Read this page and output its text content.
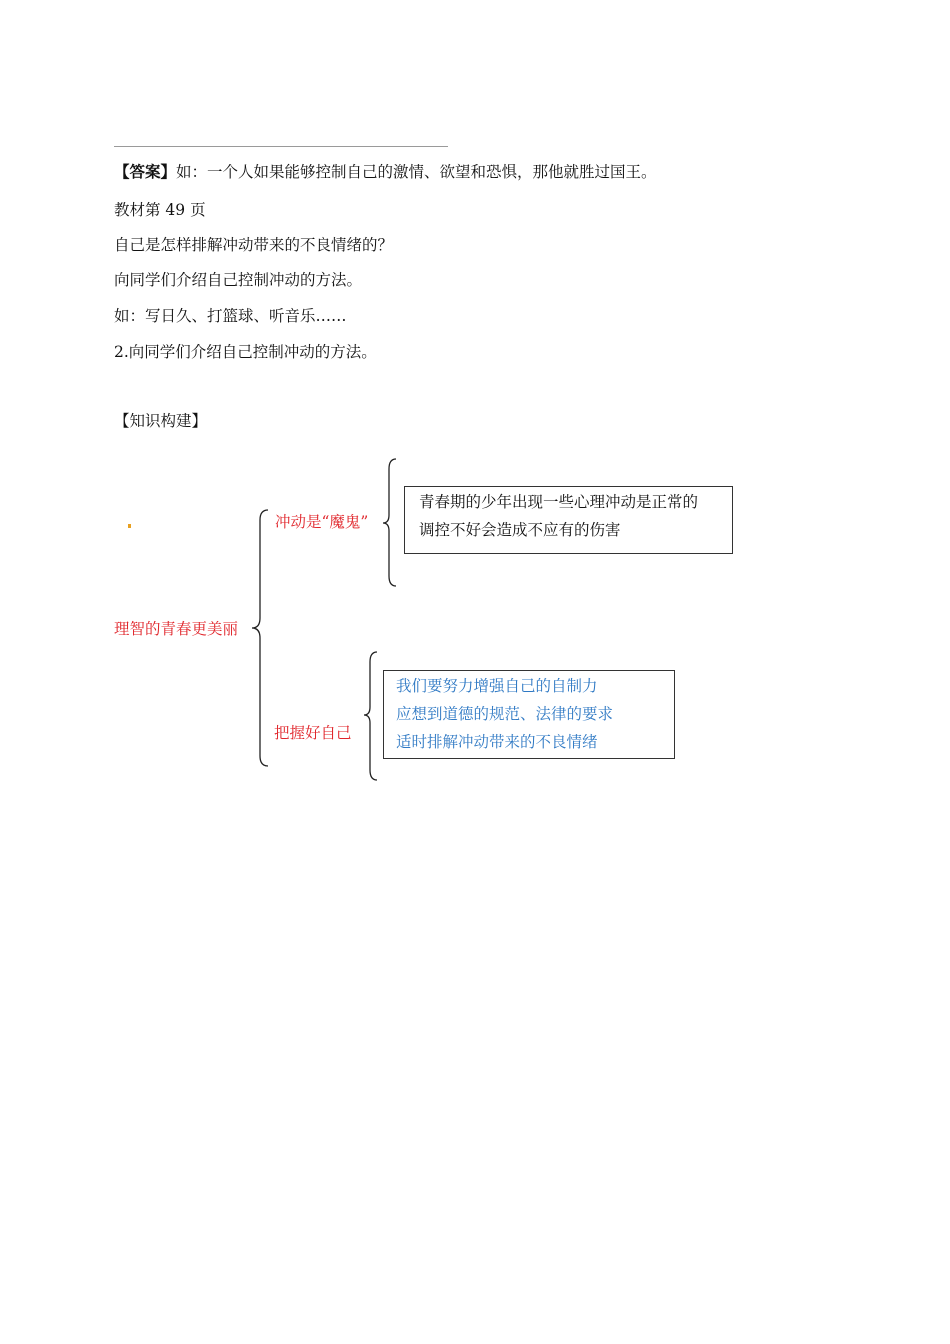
【答案】如：一个人如果能够控制自己的激情、欲望和恐惧，那他就胜过国王。
教材第 49 页
自己是怎样排解冲动带来的不良情绪的？
向同学们介绍自己控制冲动的方法。
如：写日久、打篮球、听音乐……
2.向同学们介绍自己控制冲动的方法。
【知识构建】
理智的青春更美丽
冲动是“魔鬼”
青春期的少年出现一些心理冲动是正常的
调控不好会造成不应有的伤害
把握好自己
我们要努力增强自己的自制力
应想到道德的规范、法律的要求
适时排解冲动带来的不良情绪
